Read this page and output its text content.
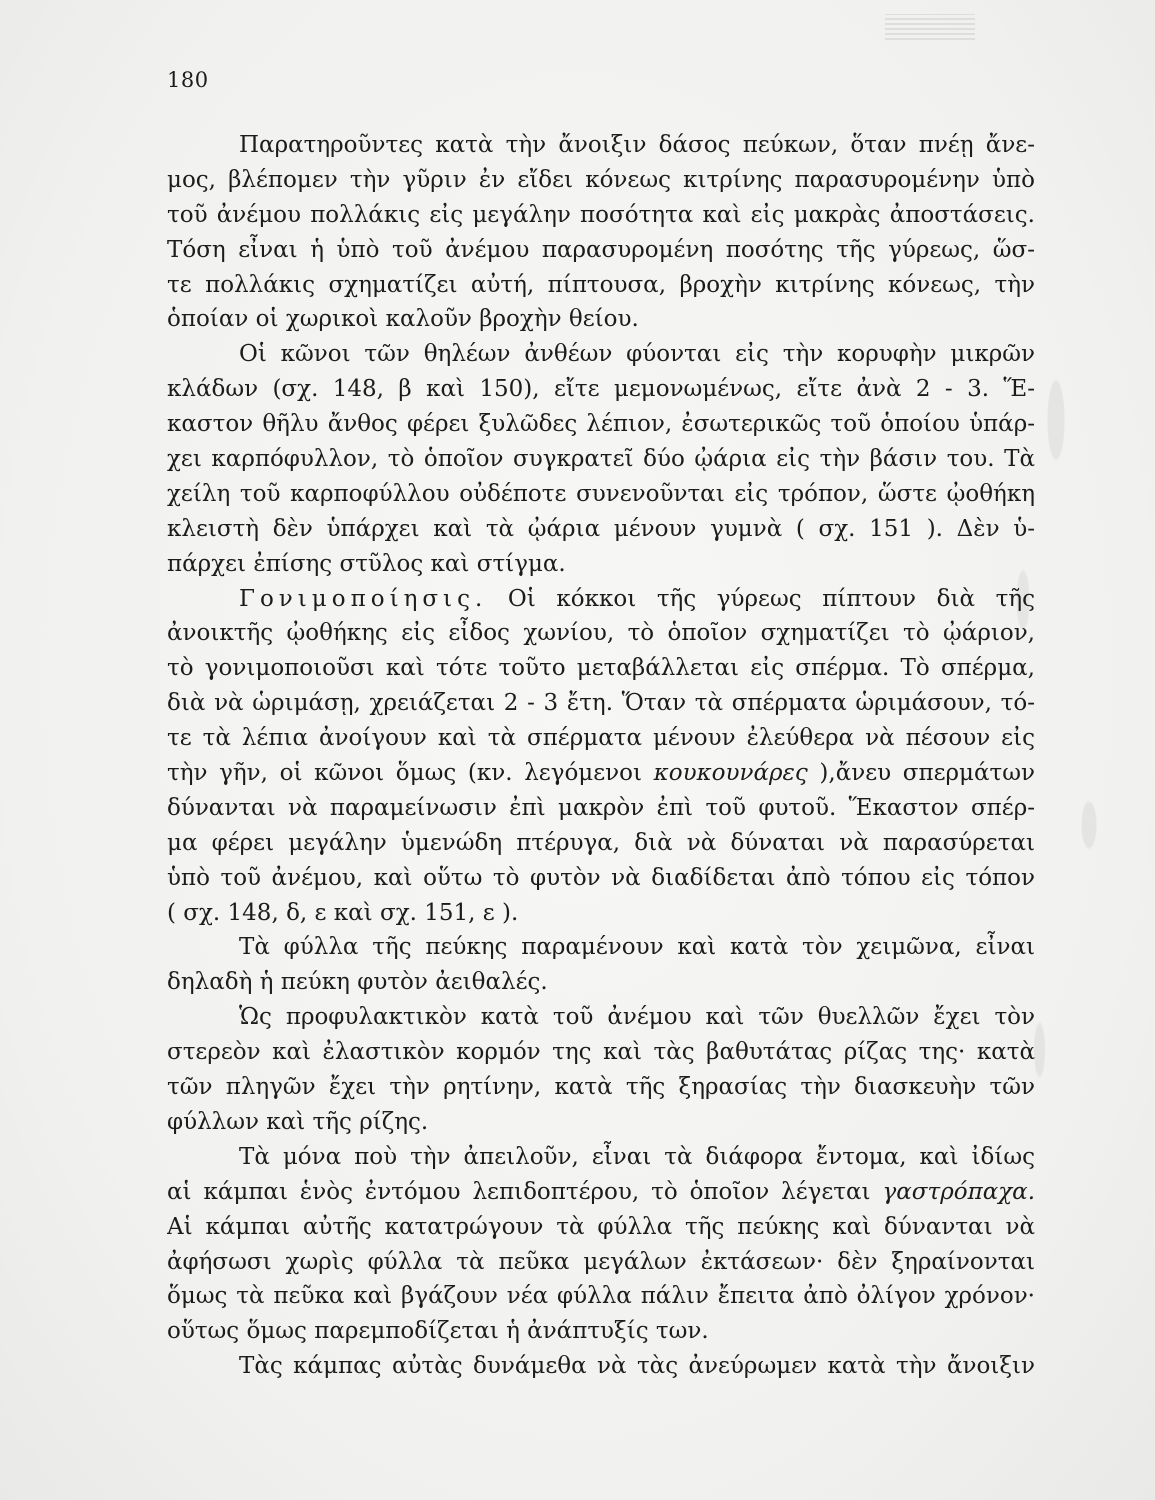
180
Παρατηροῦντες κατὰ τὴν ἄνοιξιν δάσος πεύκων, ὅταν πνέῃ ἄνε-
μος, βλέπομεν τὴν γῦριν ἐν εἴδει κόνεως κιτρίνης παρασυρομένην ὑπὸ
τοῦ ἀνέμου πολλάκις εἰς μεγάλην ποσότητα καὶ εἰς μακρὰς ἀποστάσεις.
Τόση εἶναι ἡ ὑπὸ τοῦ ἀνέμου παρασυρομένη ποσότης τῆς γύρεως, ὥσ-
τε πολλάκις σχηματίζει αὐτή, πίπτουσα, βροχὴν κιτρίνης κόνεως, τὴν
ὁποίαν οἱ χωρικοὶ καλοῦν βροχὴν θείου.
Οἱ κῶνοι τῶν θηλέων ἀνθέων φύονται εἰς τὴν κορυφὴν μικρῶν
κλάδων (σχ. 148, β καὶ 150), εἴτε μεμονωμένως, εἴτε ἀνὰ 2 - 3. Ἕ-
καστον θῆλυ ἄνθος φέρει ξυλῶδες λέπιον, ἐσωτερικῶς τοῦ ὁποίου ὑπάρ-
χει καρπόφυλλον, τὸ ὁποῖον συγκρατεῖ δύο ᾠάρια εἰς τὴν βάσιν του. Τὰ
χείλη τοῦ καρποφύλλου οὐδέποτε συνενοῦνται εἰς τρόπον, ὥστε ᾠοθήκη
κλειστὴ δὲν ὑπάρχει καὶ τὰ ᾠάρια μένουν γυμνὰ ( σχ. 151 ). Δὲν ὑ-
πάρχει ἐπίσης στῦλος καὶ στίγμα.
Γονιμοποίησις. Οἱ κόκκοι τῆς γύρεως πίπτουν διὰ τῆς
ἀνοικτῆς ᾠοθήκης εἰς εἶδος χωνίου, τὸ ὁποῖον σχηματίζει τὸ ᾠάριον,
τὸ γονιμοποιοῦσι καὶ τότε τοῦτο μεταβάλλεται εἰς σπέρμα. Τὸ σπέρμα,
διὰ νὰ ὡριμάσῃ, χρειάζεται 2 - 3 ἔτη. Ὅταν τὰ σπέρματα ὡριμάσουν, τό-
τε τὰ λέπια ἀνοίγουν καὶ τὰ σπέρματα μένουν ἐλεύθερα νὰ πέσουν εἰς
τὴν γῆν, οἱ κῶνοι ὅμως (κν. λεγόμενοι κουκουνάρες ),ἄνευ σπερμάτων
δύνανται νὰ παραμείνωσιν ἐπὶ μακρὸν ἐπὶ τοῦ φυτοῦ. Ἕκαστον σπέρ-
μα φέρει μεγάλην ὑμενώδη πτέρυγα, διὰ νὰ δύναται νὰ παρασύρεται
ὑπὸ τοῦ ἀνέμου, καὶ οὕτω τὸ φυτὸν νὰ διαδίδεται ἀπὸ τόπου εἰς τόπον
( σχ. 148, δ, ε καὶ σχ. 151, ε ).
Τὰ φύλλα τῆς πεύκης παραμένουν καὶ κατὰ τὸν χειμῶνα, εἶναι
δηλαδὴ ἡ πεύκη φυτὸν ἀειθαλές.
Ὡς προφυλακτικὸν κατὰ τοῦ ἀνέμου καὶ τῶν θυελλῶν ἔχει τὸν
στερεὸν καὶ ἐλαστικὸν κορμόν της καὶ τὰς βαθυτάτας ρίζας της· κατὰ
τῶν πληγῶν ἔχει τὴν ρητίνην, κατὰ τῆς ξηρασίας τὴν διασκευὴν τῶν
φύλλων καὶ τῆς ρίζης.
Τὰ μόνα ποὺ τὴν ἀπειλοῦν, εἶναι τὰ διάφορα ἔντομα, καὶ ἰδίως
αἱ κάμπαι ἑνὸς ἐντόμου λεπιδοπτέρου, τὸ ὁποῖον λέγεται γαστρόπαχα.
Αἱ κάμπαι αὐτῆς κατατρώγουν τὰ φύλλα τῆς πεύκης καὶ δύνανται νὰ
ἀφήσωσι χωρὶς φύλλα τὰ πεῦκα μεγάλων ἐκτάσεων· δὲν ξηραίνονται
ὅμως τὰ πεῦκα καὶ βγάζουν νέα φύλλα πάλιν ἔπειτα ἀπὸ ὀλίγον χρόνον·
οὕτως ὅμως παρεμποδίζεται ἡ ἀνάπτυξίς των.
Τὰς κάμπας αὐτὰς δυνάμεθα νὰ τὰς ἀνεύρωμεν κατὰ τὴν ἄνοιξιν
